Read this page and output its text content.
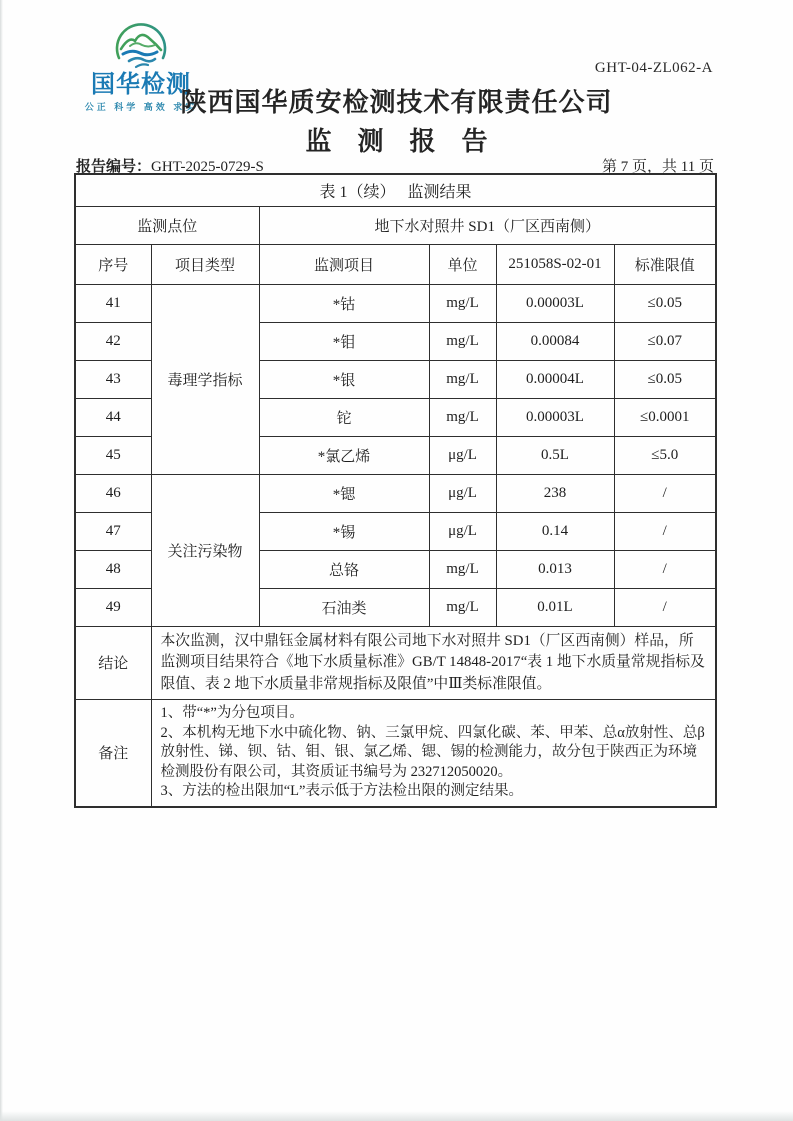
国华检测
公正 科学 高效 求实
GHT-04-ZL062-A
陕西国华质安检测技术有限责任公司
监　测　报　告
报告编号：GHT-2025-0729-S	第 7 页，共 11 页
表 1（续）　 监测结果					
监测点位		地下水对照井 SD1（厂区西南侧）			
序号	项目类型	监测项目	单位	251058S-02-01	标准限值
41	毒理学指标	*钴	mg/L	0.00003L	≤0.05
42		*钼	mg/L	0.00084	≤0.07
43		*银	mg/L	0.00004L	≤0.05
44		铊	mg/L	0.00003L	≤0.0001
45		*氯乙烯	μg/L	0.5L	≤5.0
46	关注污染物	*锶	μg/L	238	/
47		*锡	μg/L	0.14	/
48		总铬	mg/L	0.013	/
49		石油类	mg/L	0.01L	/
结论	本次监测，汉中鼎钰金属材料有限公司地下水对照井 SD1（厂区西南侧）样品，所监测项目结果符合《地下水质量标准》GB/T 14848-2017“表 1 地下水质量常规指标及限值、表 2 地下水质量非常规指标及限值”中Ⅲ类标准限值。				
备注	1、带“*”为分包项目。

2、本机构无地下水中硫化物、钠、三氯甲烷、四氯化碳、苯、甲苯、总α放射性、总β放射性、锑、钡、钴、钼、银、氯乙烯、锶、锡的检测能力，故分包于陕西正为环境检测股份有限公司，其资质证书编号为 232712050020。

3、方法的检出限加“L”表示低于方法检出限的测定结果。				
